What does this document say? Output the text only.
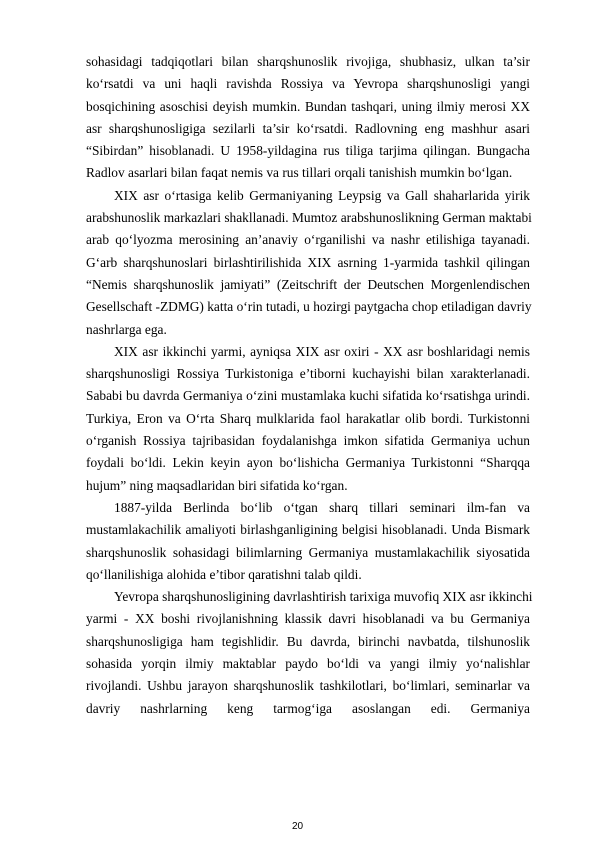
sohasidagi tadqiqotlari bilan sharqshunoslik rivojiga, shubhasiz, ulkan ta’sir
ko‘rsatdi va uni haqli ravishda Rossiya va Yevropa sharqshunosligi yangi
bosqichining asoschisi deyish mumkin. Bundan tashqari, uning ilmiy merosi XX
asr sharqshunosligiga sezilarli ta’sir ko‘rsatdi. Radlovning eng mashhur asari
“Sibirdan” hisoblanadi. U 1958-yildagina rus tiliga tarjima qilingan. Bungacha
Radlov asarlari bilan faqat nemis va rus tillari orqali tanishish mumkin bo‘lgan.
XIX asr o‘rtasiga kelib Germaniyaning Leypsig va Gall shaharlarida yirik
arabshunoslik markazlari shakllanadi. Mumtoz arabshunoslikning German maktabi
arab qo‘lyozma merosining an’anaviy o‘rganilishi va nashr etilishiga tayanadi.
G‘arb sharqshunoslari birlashtirilishida XIX asrning 1-yarmida tashkil qilingan
“Nemis sharqshunoslik jamiyati” (Zeitschrift der Deutschen Morgenlendischen
Gesellschaft -ZDMG) katta o‘rin tutadi, u hozirgi paytgacha chop etiladigan davriy
nashrlarga ega.
XIX asr ikkinchi yarmi, ayniqsa XIX asr oxiri - XX asr boshlaridagi nemis
sharqshunosligi Rossiya Turkistoniga e’tiborni kuchayishi bilan xarakterlanadi.
Sababi bu davrda Germaniya o‘zini mustamlaka kuchi sifatida ko‘rsatishga urindi.
Turkiya, Eron va O‘rta Sharq mulklarida faol harakatlar olib bordi. Turkistonni
o‘rganish Rossiya tajribasidan foydalanishga imkon sifatida Germaniya uchun
foydali bo‘ldi. Lekin keyin ayon bo‘lishicha Germaniya Turkistonni “Sharqqa
hujum” ning maqsadlaridan biri sifatida ko‘rgan.
1887-yilda Berlinda bo‘lib o‘tgan sharq tillari seminari ilm-fan va
mustamlakachilik amaliyoti birlashganligining belgisi hisoblanadi. Unda Bismark
sharqshunoslik sohasidagi bilimlarning Germaniya mustamlakachilik siyosatida
qo‘llanilishiga alohida e’tibor qaratishni talab qildi.
Yevropa sharqshunosligining davrlashtirish tarixiga muvofiq XIX asr ikkinchi
yarmi - XX boshi rivojlanishning klassik davri hisoblanadi va bu Germaniya
sharqshunosligiga ham tegishlidir. Bu davrda, birinchi navbatda, tilshunoslik
sohasida yorqin ilmiy maktablar paydo bo‘ldi va yangi ilmiy yo‘nalishlar
rivojlandi. Ushbu jarayon sharqshunoslik tashkilotlari, bo‘limlari, seminarlar va
davriy nashrlarning keng tarmog‘iga asoslangan edi. Germaniya
20
